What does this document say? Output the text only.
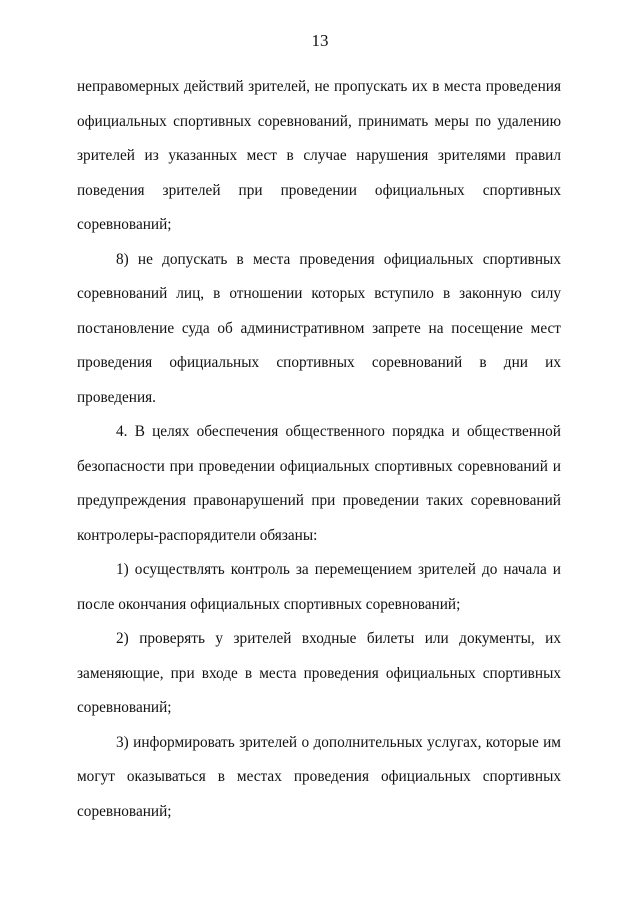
13

неправомерных действий зрителей, не пропускать их в места проведения официальных спортивных соревнований, принимать меры по удалению зрителей из указанных мест в случае нарушения зрителями правил поведения зрителей при проведении официальных спортивных соревнований;

8) не допускать в места проведения официальных спортивных соревнований лиц, в отношении которых вступило в законную силу постановление суда об административном запрете на посещение мест проведения официальных спортивных соревнований в дни их проведения.

4. В целях обеспечения общественного порядка и общественной безопасности при проведении официальных спортивных соревнований и предупреждения правонарушений при проведении таких соревнований контролеры-распорядители обязаны:

1) осуществлять контроль за перемещением зрителей до начала и после окончания официальных спортивных соревнований;

2) проверять у зрителей входные билеты или документы, их заменяющие, при входе в места проведения официальных спортивных соревнований;

3) информировать зрителей о дополнительных услугах, которые им могут оказываться в местах проведения официальных спортивных соревнований;
